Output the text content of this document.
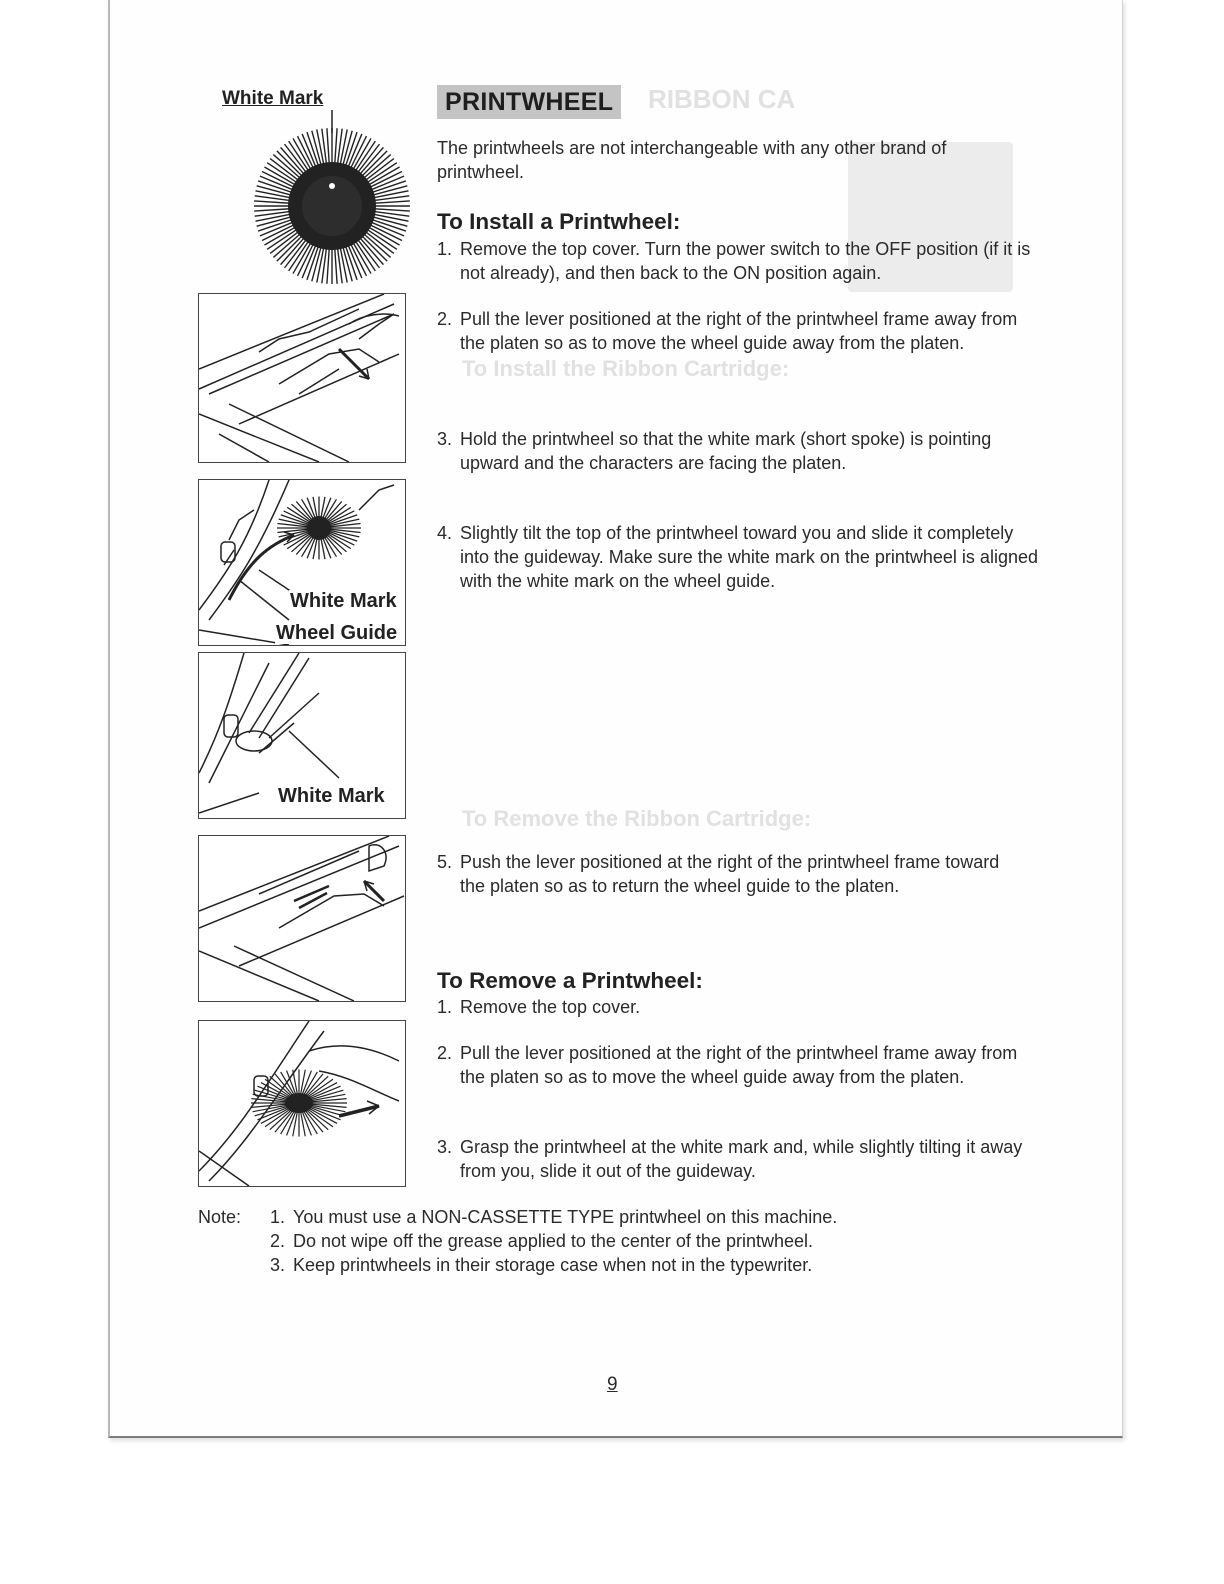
RIBBON CA
To Install the Ribbon Cartridge:
To Remove the Ribbon Cartridge:
White Mark
White Mark
Wheel Guide
White Mark
PRINTWHEEL
The printwheels are not interchangeable with any other brand of printwheel.
To Install a Printwheel:
1. Remove the top cover. Turn the power switch to the OFF position (if it is not already), and then back to the ON position again.
2. Pull the lever positioned at the right of the printwheel frame away from the platen so as to move the wheel guide away from the platen.
3. Hold the printwheel so that the white mark (short spoke) is pointing upward and the characters are facing the platen.
4. Slightly tilt the top of the printwheel toward you and slide it completely into the guideway. Make sure the white mark on the printwheel is aligned with the white mark on the wheel guide.
5. Push the lever positioned at the right of the printwheel frame toward the platen so as to return the wheel guide to the platen.
To Remove a Printwheel:
1. Remove the top cover.
2. Pull the lever positioned at the right of the printwheel frame away from the platen so as to move the wheel guide away from the platen.
3. Grasp the printwheel at the white mark and, while slightly tilting it away from you, slide it out of the guideway.
Note: 1. You must use a NON-CASSETTE TYPE printwheel on this machine.
2. Do not wipe off the grease applied to the center of the printwheel.
3. Keep printwheels in their storage case when not in the typewriter.
9
